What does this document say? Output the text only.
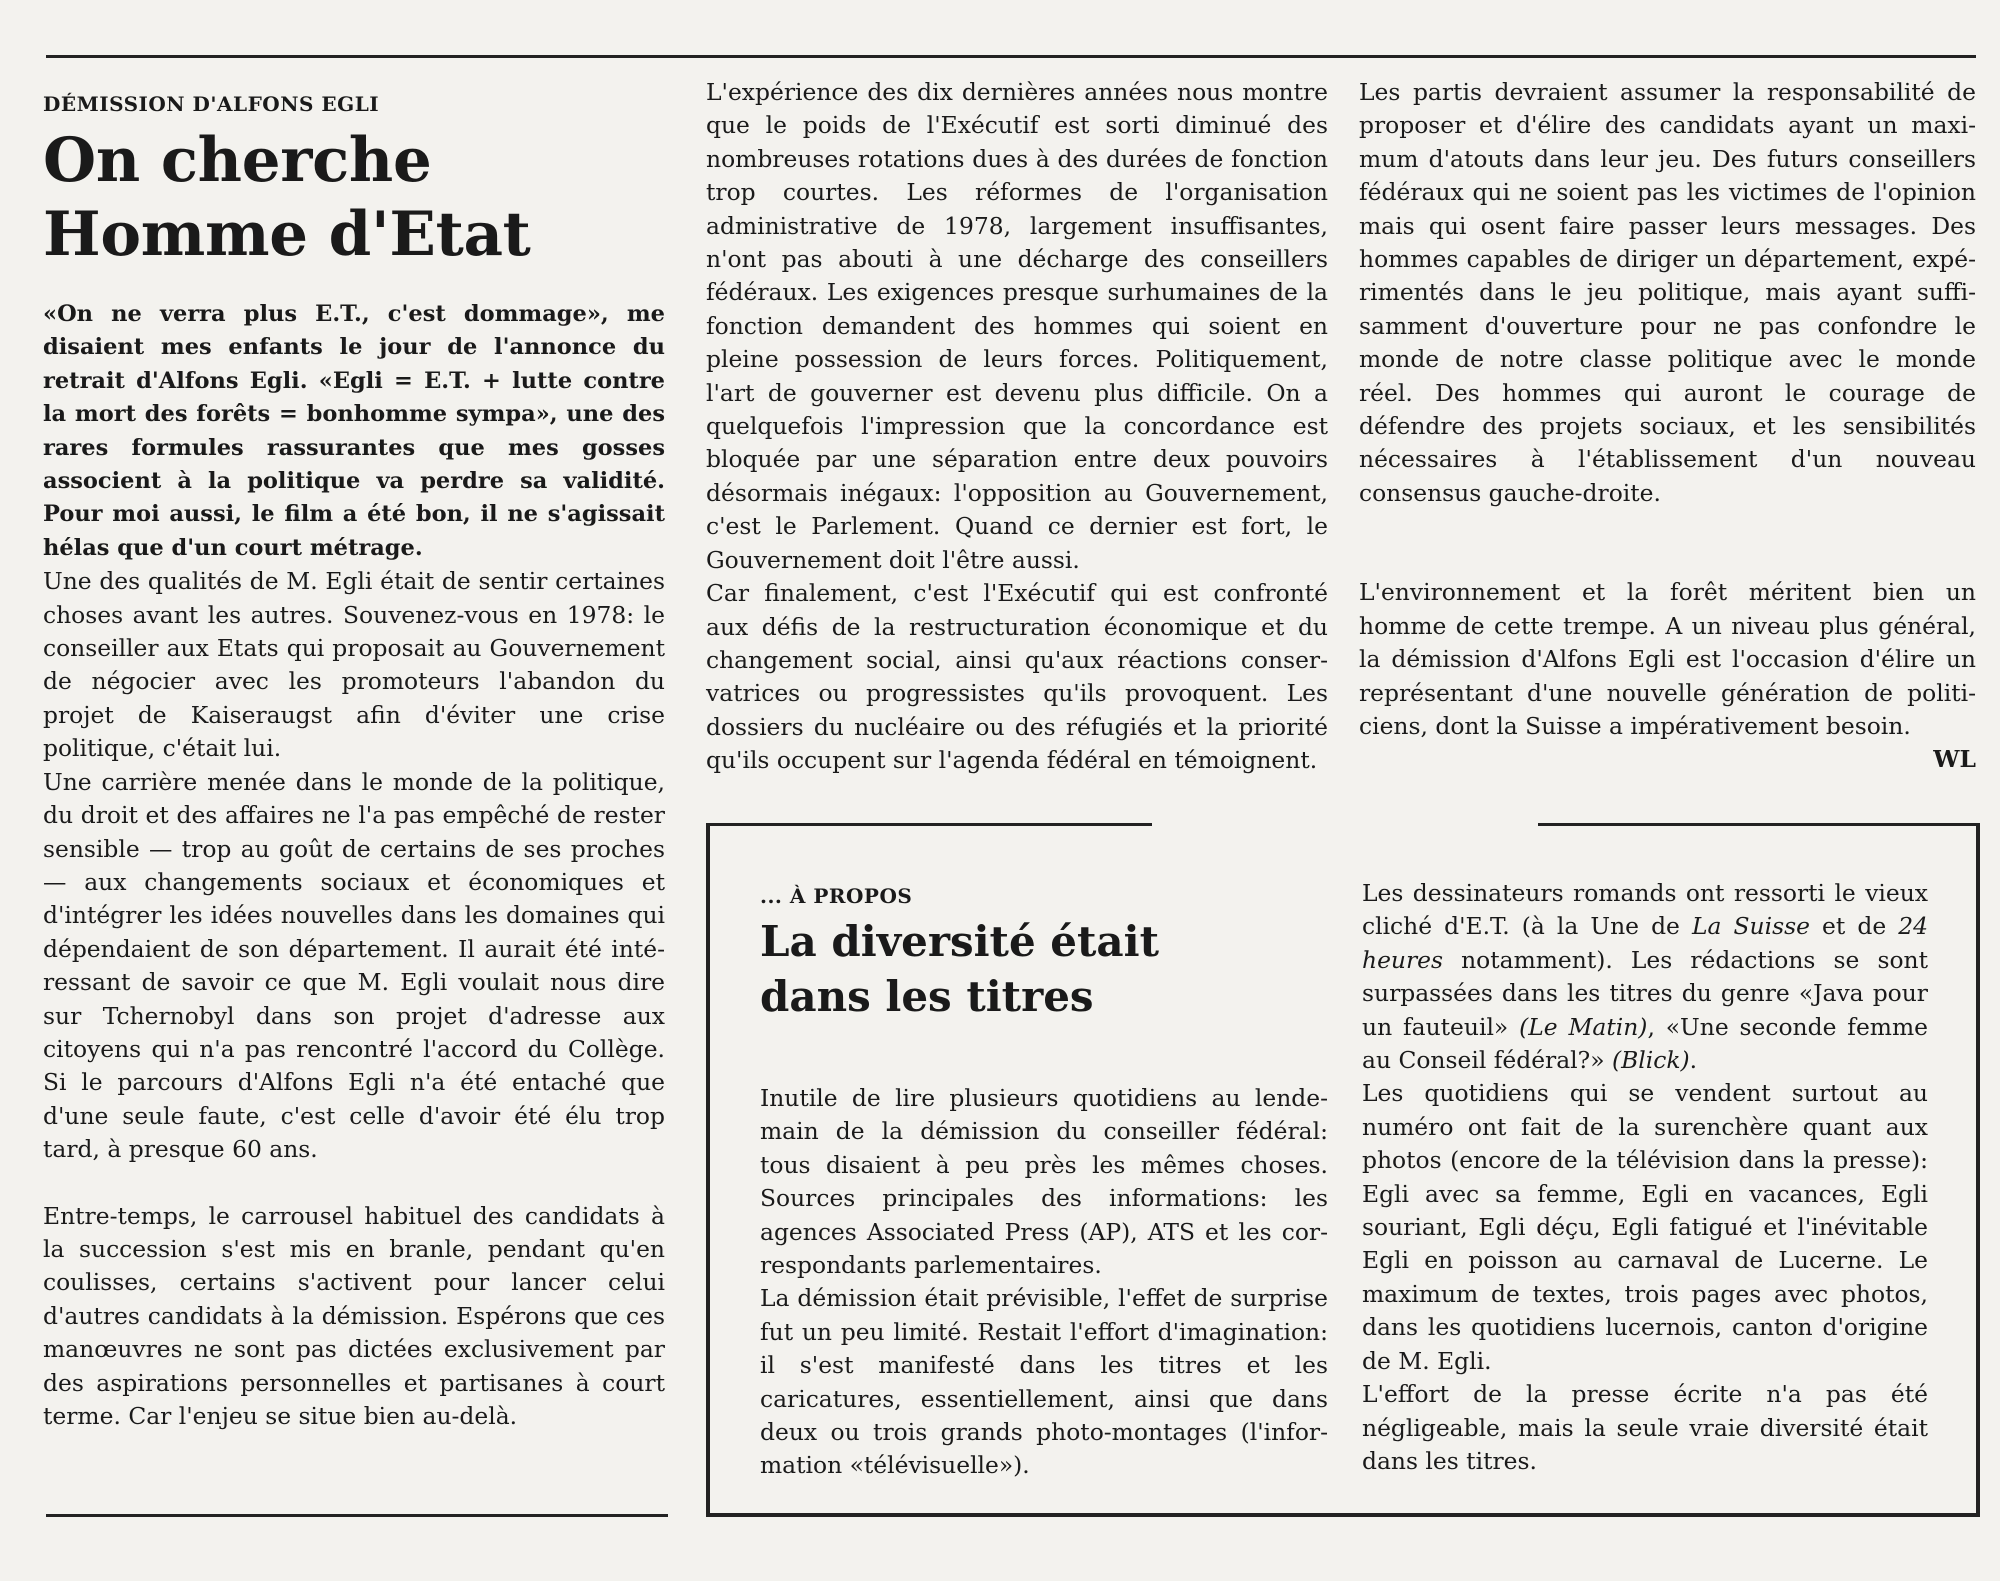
DÉMISSION D'ALFONS EGLI

On cherche
Homme d'Etat

«On ne verra plus E.T., c'est dommage», me disaient mes enfants le jour de l'annonce du retrait d'Alfons Egli. «Egli = E.T. + lutte contre la mort des forêts = bonhomme sympa», une des rares formules rassurantes que mes gosses associent à la politique va perdre sa validité. Pour moi aussi, le film a été bon, il ne s'agissait hélas que d'un court métrage.

Une des qualités de M. Egli était de sentir certaines choses avant les autres. Souvenez-vous en 1978: le conseiller aux Etats qui proposait au Gouvernement de négocier avec les promoteurs l'abandon du projet de Kaiseraugst afin d'éviter une crise politique, c'était lui.

Une carrière menée dans le monde de la politique, du droit et des affaires ne l'a pas empêché de rester sensible — trop au goût de certains de ses proches — aux changements sociaux et économiques et d'intégrer les idées nouvelles dans les domaines qui dépendaient de son département. Il aurait été intéressant de savoir ce que M. Egli voulait nous dire sur Tchernobyl dans son projet d'adresse aux citoyens qui n'a pas rencontré l'accord du Collège. Si le parcours d'Alfons Egli n'a été entaché que d'une seule faute, c'est celle d'avoir été élu trop tard, à presque 60 ans.

Entre-temps, le carrousel habituel des candidats à la succession s'est mis en branle, pendant qu'en coulisses, certains s'activent pour lancer celui d'autres candidats à la démission. Espérons que ces manœuvres ne sont pas dictées exclusivement par des aspirations personnelles et partisanes à court terme. Car l'enjeu se situe bien au-delà.

L'expérience des dix dernières années nous montre que le poids de l'Exécutif est sorti diminué des nombreuses rotations dues à des durées de fonction trop courtes. Les réformes de l'organisation administrative de 1978, largement insuffisantes, n'ont pas abouti à une décharge des conseillers fédéraux. Les exigences presque surhumaines de la fonction demandent des hommes qui soient en pleine possession de leurs forces. Politiquement, l'art de gouverner est devenu plus difficile. On a quelquefois l'impression que la concordance est bloquée par une séparation entre deux pouvoirs désormais inégaux: l'opposition au Gouvernement, c'est le Parlement. Quand ce dernier est fort, le Gouvernement doit l'être aussi.

Car finalement, c'est l'Exécutif qui est confronté aux défis de la restructuration économique et du changement social, ainsi qu'aux réactions conservatrices ou progressistes qu'ils provoquent. Les dossiers du nucléaire ou des réfugiés et la priorité qu'ils occupent sur l'agenda fédéral en témoignent.

Les partis devraient assumer la responsabilité de proposer et d'élire des candidats ayant un maximum d'atouts dans leur jeu. Des futurs conseillers fédéraux qui ne soient pas les victimes de l'opinion mais qui osent faire passer leurs messages. Des hommes capables de diriger un département, expérimentés dans le jeu politique, mais ayant suffisamment d'ouverture pour ne pas confondre le monde de notre classe politique avec le monde réel. Des hommes qui auront le courage de défendre des projets sociaux, et les sensibilités nécessaires à l'établissement d'un nouveau consensus gauche-droite.

L'environnement et la forêt méritent bien un homme de cette trempe. A un niveau plus général, la démission d'Alfons Egli est l'occasion d'élire un représentant d'une nouvelle génération de politiciens, dont la Suisse a impérativement besoin.

WL

... À PROPOS

La diversité était
dans les titres

Inutile de lire plusieurs quotidiens au lendemain de la démission du conseiller fédéral: tous disaient à peu près les mêmes choses. Sources principales des informations: les agences Associated Press (AP), ATS et les correspondants parlementaires.

La démission était prévisible, l'effet de surprise fut un peu limité. Restait l'effort d'imagination: il s'est manifesté dans les titres et les caricatures, essentiellement, ainsi que dans deux ou trois grands photo-montages (l'information «télévisuelle»).

Les dessinateurs romands ont ressorti le vieux cliché d'E.T. (à la Une de La Suisse et de 24 heures notamment). Les rédactions se sont surpassées dans les titres du genre «Java pour un fauteuil» (Le Matin), «Une seconde femme au Conseil fédéral?» (Blick).

Les quotidiens qui se vendent surtout au numéro ont fait de la surenchère quant aux photos (encore de la télévision dans la presse): Egli avec sa femme, Egli en vacances, Egli souriant, Egli déçu, Egli fatigué et l'inévitable Egli en poisson au carnaval de Lucerne. Le maximum de textes, trois pages avec photos, dans les quotidiens lucernois, canton d'origine de M. Egli.

L'effort de la presse écrite n'a pas été négligeable, mais la seule vraie diversité était dans les titres.
